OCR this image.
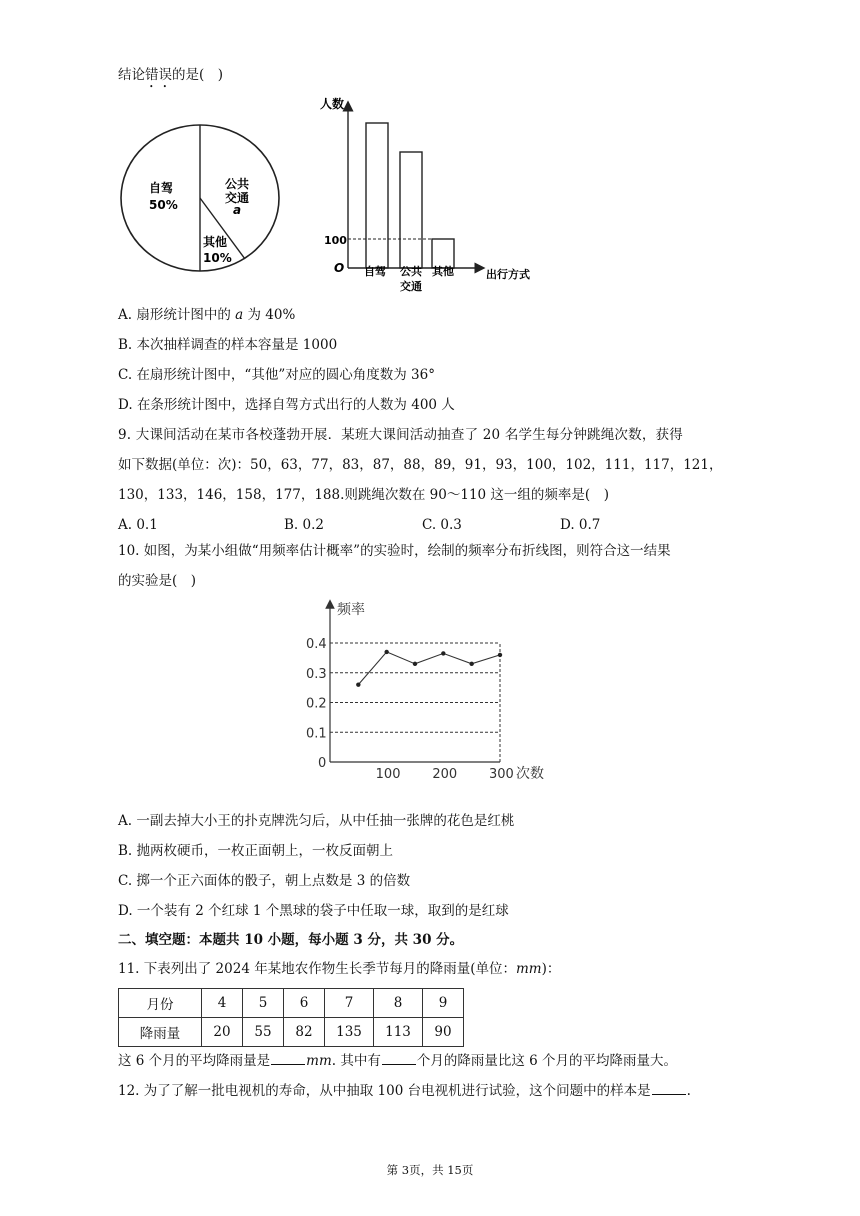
结论错误的是(　)
自驾
50%
公共
交通
a
其他
10%
人数
O
100
自驾 公共
交通
其他	出行方式
A. 扇形统计图中的 a 为 40%
B. 本次抽样调查的样本容量是 1000
C. 在扇形统计图中，“其他”对应的圆心角度数为 36°
D. 在条形统计图中，选择自驾方式出行的人数为 400 人
9. 大课间活动在某市各校蓬勃开展．某班大课间活动抽查了 20 名学生每分钟跳绳次数，获得
如下数据(单位：次)：50，63，77，83，87，88，89，91，93，100，102，111，117，121，
130，133，146，158，177，188.则跳绳次数在 90～110 这一组的频率是(　)
A. 0.1	B. 0.2	C. 0.3	D. 0.7
10. 如图，为某小组做“用频率估计概率”的实验时，绘制的频率分布折线图，则符合这一结果
的实验是(　)
频率
0
0.1
0.2
0.3
0.4
100 200 300 次数
A. 一副去掉大小王的扑克牌洗匀后，从中任抽一张牌的花色是红桃
B. 抛两枚硬币，一枚正面朝上，一枚反面朝上
C. 掷一个正六面体的骰子，朝上点数是 3 的倍数
D. 一个装有 2 个红球 1 个黑球的袋子中任取一球，取到的是红球
二、填空题：本题共 10 小题，每小题 3 分，共 30 分。
11. 下表列出了 2024 年某地农作物生长季节每月的降雨量(单位：mm)：
月份	4	5	6	7	8	9
降雨量	20	55	82	135	113	90
这 6 个月的平均降雨量是	mm. 其中有	个月的降雨量比这 6 个月的平均降雨量大。
12. 为了了解一批电视机的寿命，从中抽取 100 台电视机进行试验，这个问题中的样本是	.
第 3页，共 15页
